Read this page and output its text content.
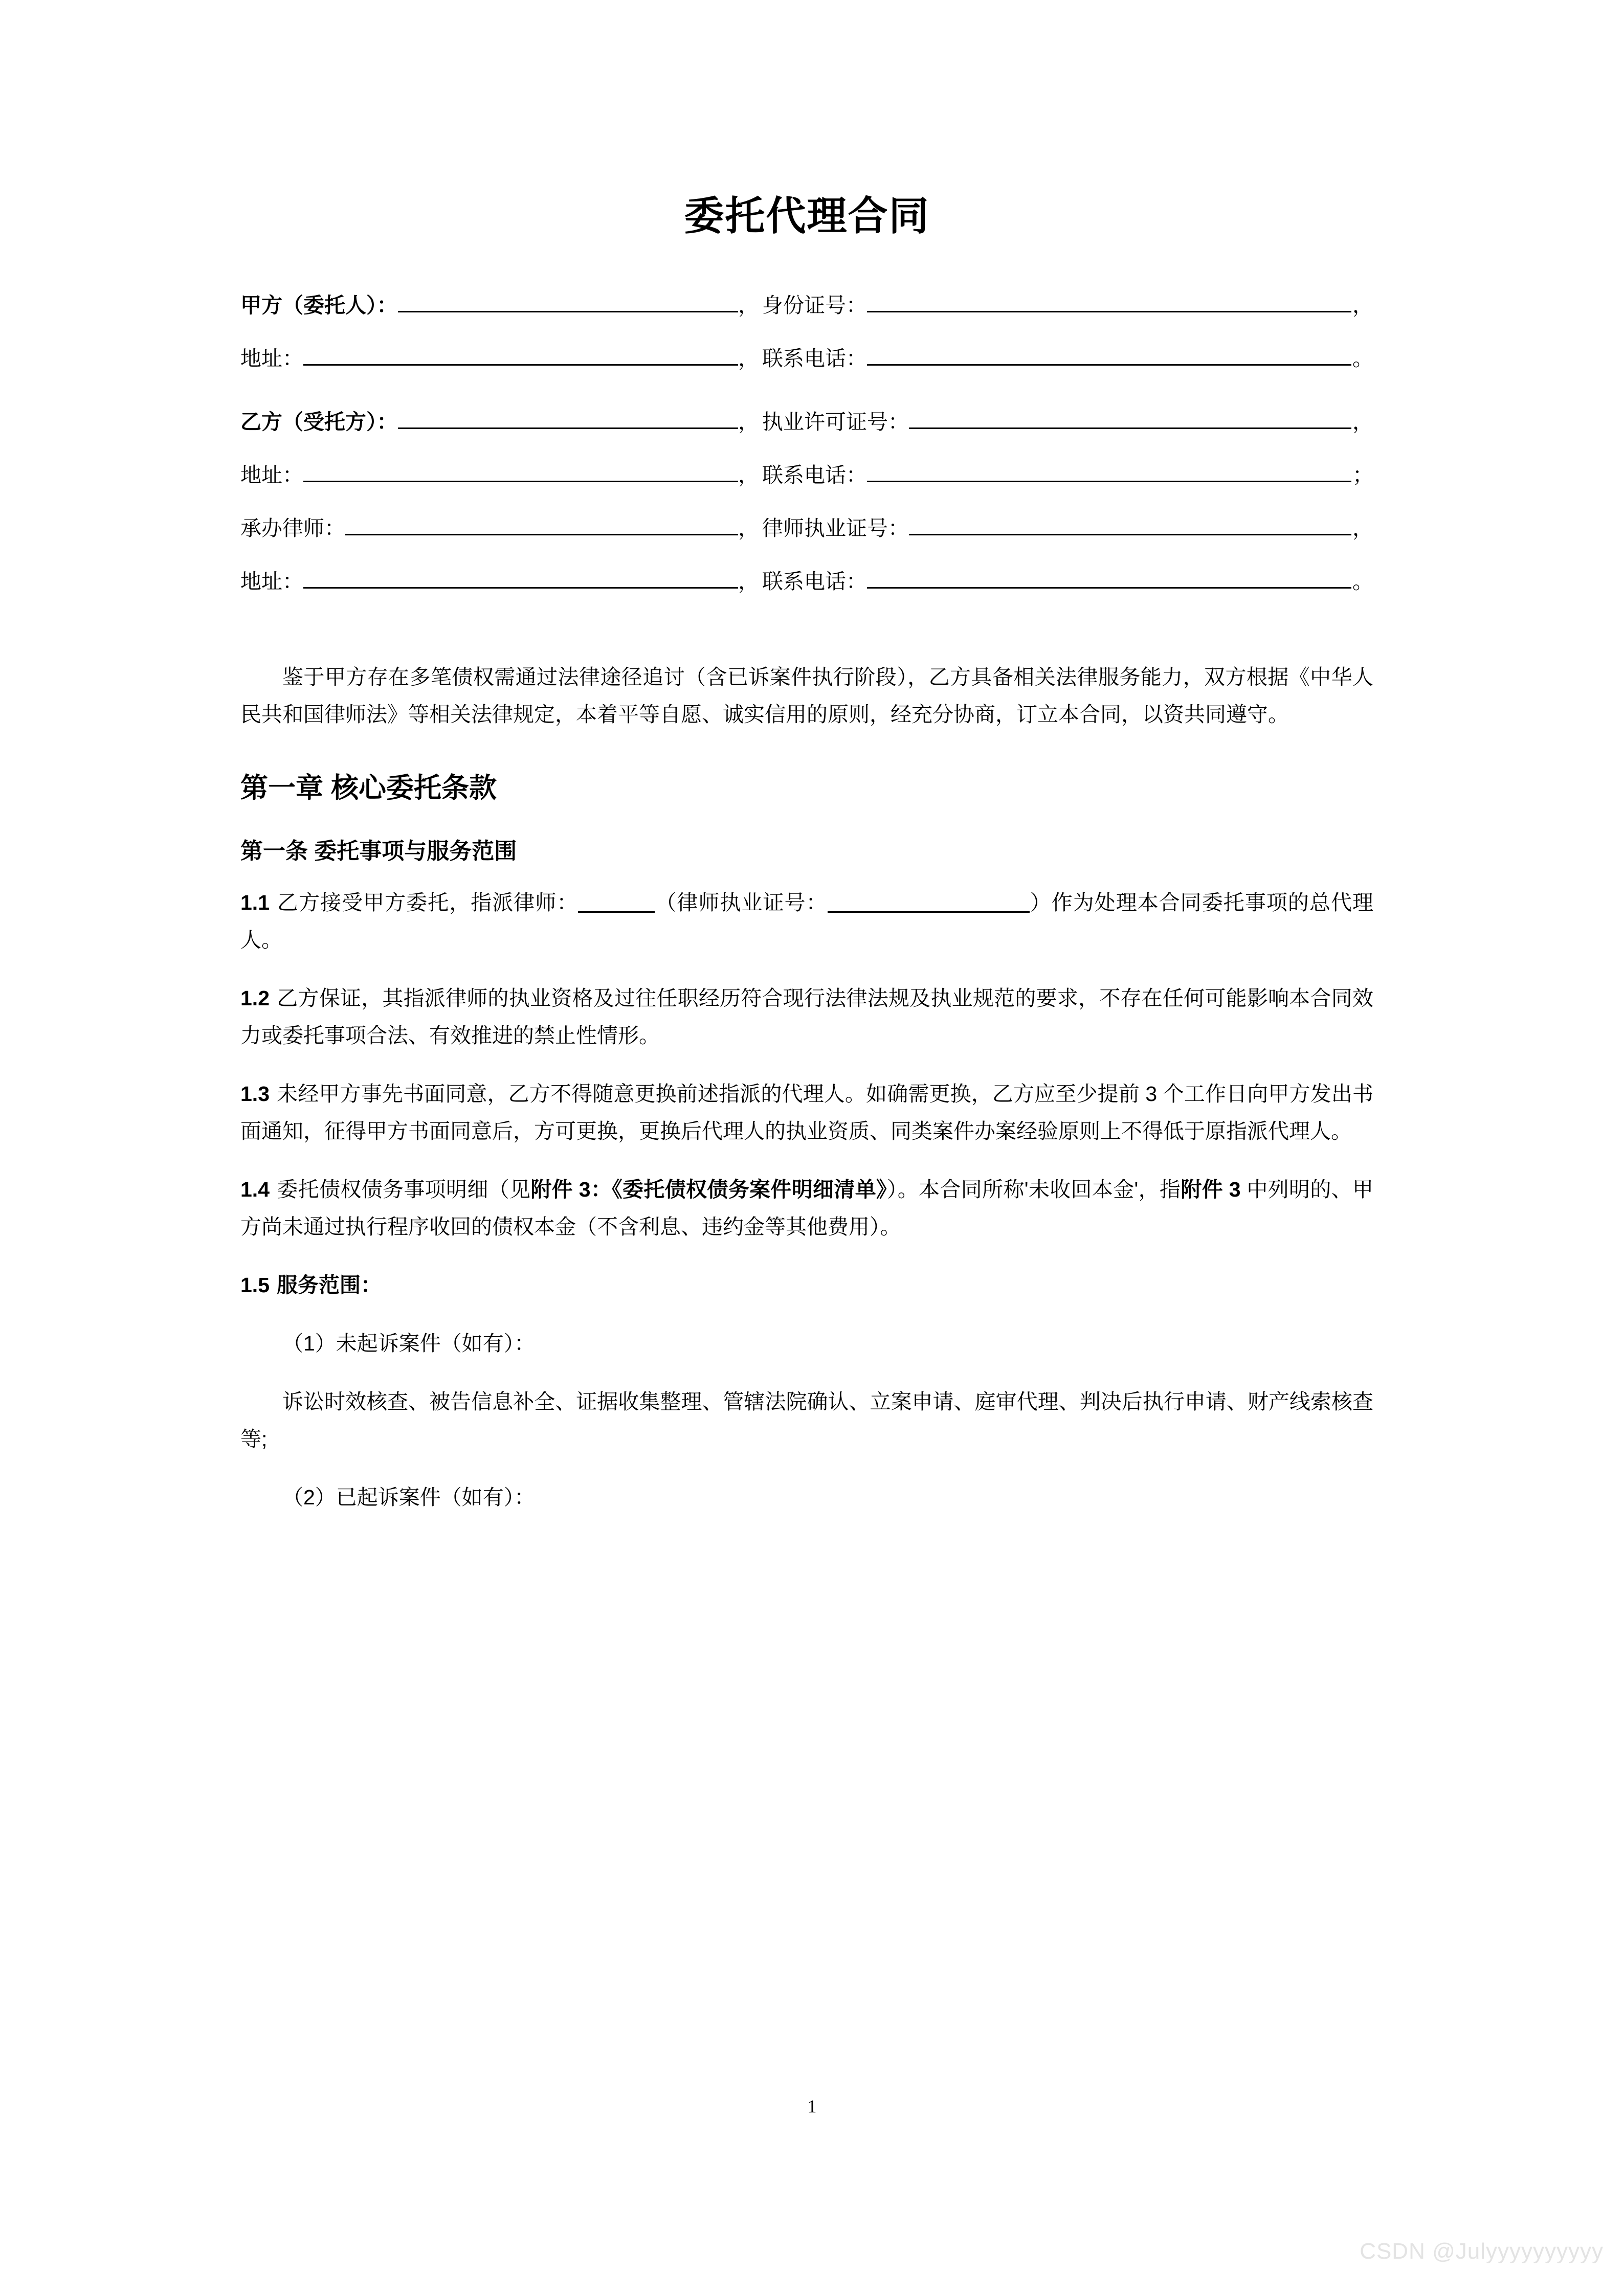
委托代理合同
甲方（委托人）：	， 身份证号：	，
地址：	， 联系电话：	。
乙方（受托方）：	， 执业许可证号：	，
地址：	， 联系电话：	；
承办律师：	， 律师执业证号：	，
地址：	， 联系电话：	。

鉴于甲方存在多笔债权需通过法律途径追讨（含已诉案件执行阶段），乙方具备相关法律服务能力，双方根据《中华人民共和国律师法》等相关法律规定，本着平等自愿、诚实信用的原则，经充分协商，订立本合同，以资共同遵守。

第一章 核心委托条款
第一条 委托事项与服务范围

1.1 乙方接受甲方委托，指派律师：	（律师执业证号：	）作为处理本合同委托事项的总代理人。

1.2 乙方保证，其指派律师的执业资格及过往任职经历符合现行法律法规及执业规范的要求，不存在任何可能影响本合同效力或委托事项合法、有效推进的禁止性情形。

1.3 未经甲方事先书面同意，乙方不得随意更换前述指派的代理人。如确需更换，乙方应至少提前 3 个工作日向甲方发出书面通知，征得甲方书面同意后，方可更换，更换后代理人的执业资质、同类案件办案经验原则上不得低于原指派代理人。

1.4 委托债权债务事项明细（见附件 3：《委托债权债务案件明细清单》）。本合同所称'未收回本金'，指附件 3 中列明的、甲方尚未通过执行程序收回的债权本金（不含利息、违约金等其他费用）。

1.5 服务范围：

（1）未起诉案件（如有）：

诉讼时效核查、被告信息补全、证据收集整理、管辖法院确认、立案申请、庭审代理、判决后执行申请、财产线索核查等;

（2）已起诉案件（如有）：

1
CSDN @Julyyyyyyyyyy
